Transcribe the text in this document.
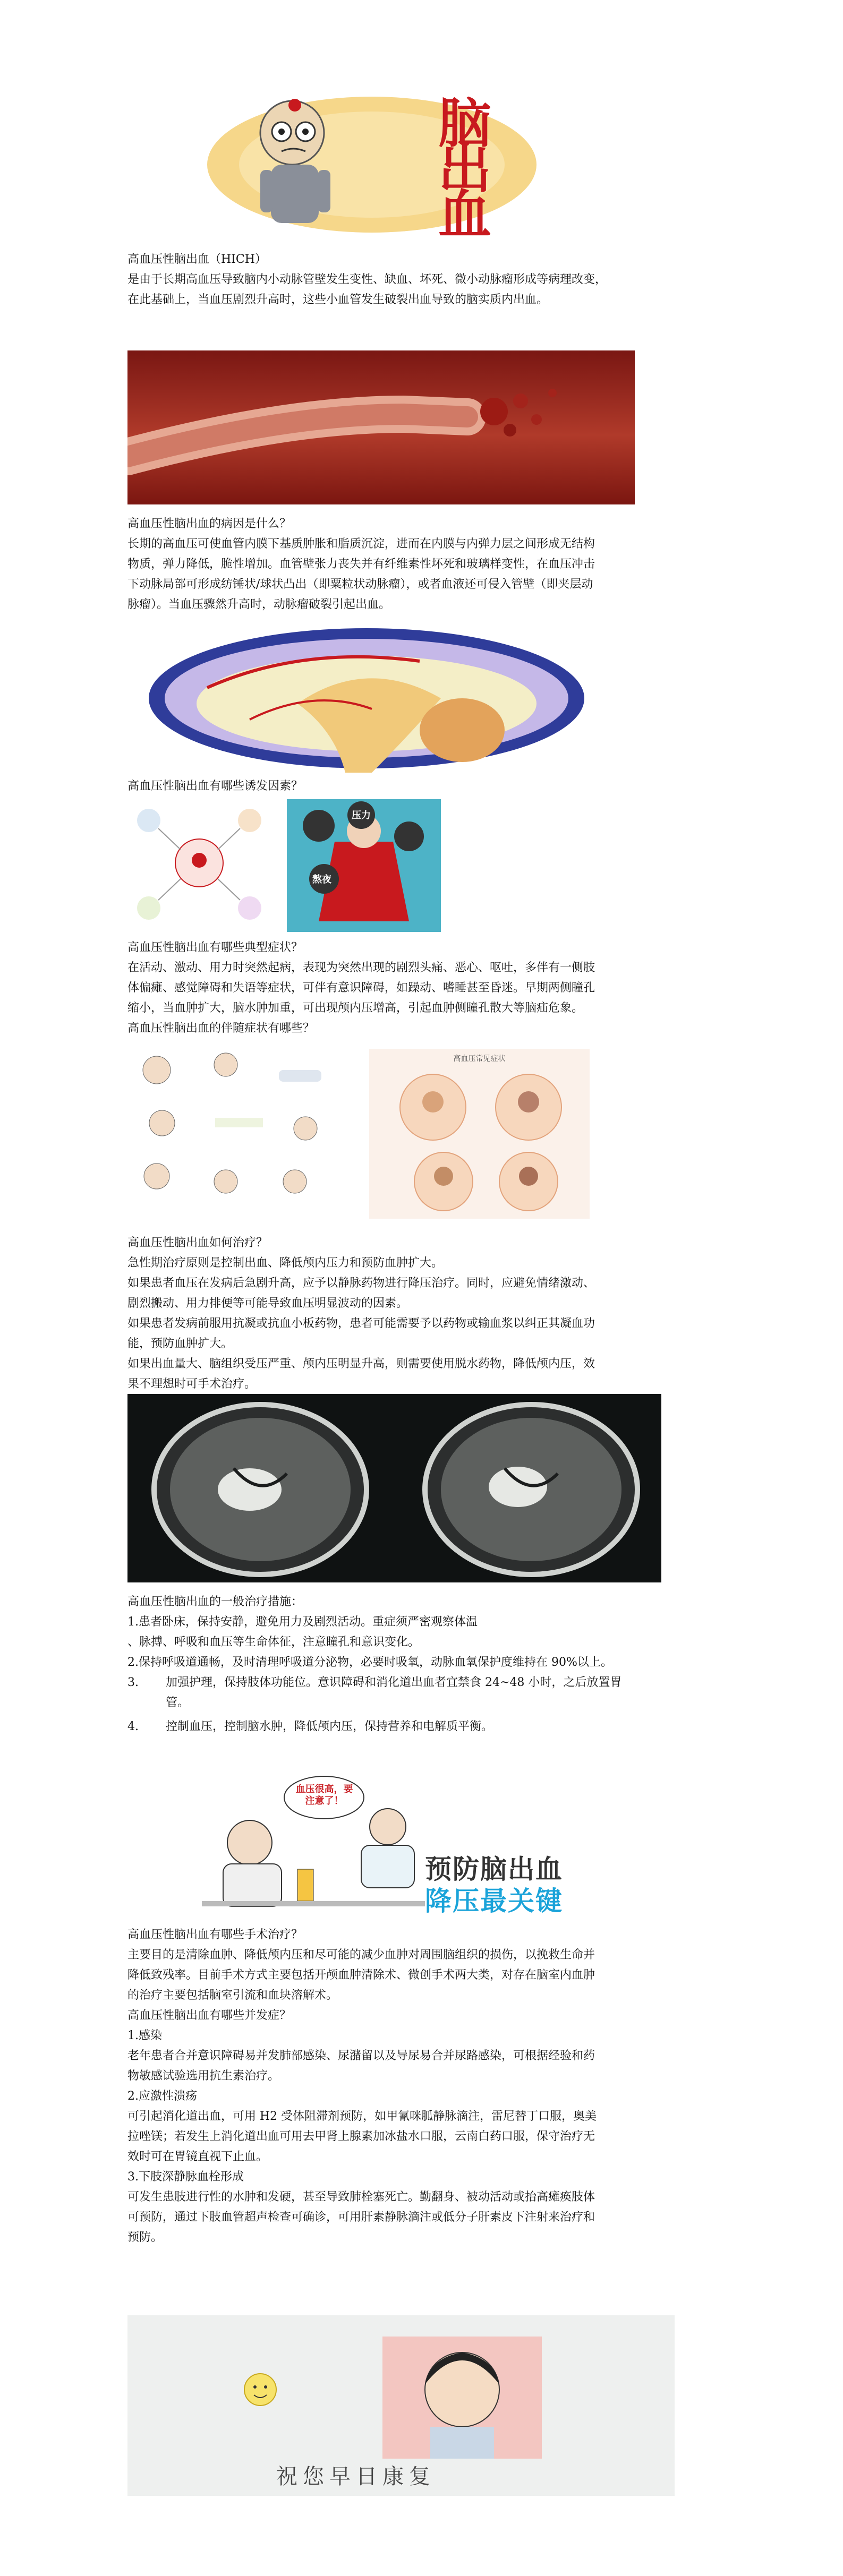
脑
出
血

高血压性脑出血（HICH）

是由于长期高血压导致脑内小动脉管壁发生变性、缺血、坏死、微小动脉瘤形成等病理改变，

在此基础上，当血压剧烈升高时，这些小血管发生破裂出血导致的脑实质内出血。

高血压性脑出血的病因是什么？

长期的高血压可使血管内膜下基质肿胀和脂质沉淀，进而在内膜与内弹力层之间形成无结构

物质，弹力降低，脆性增加。血管壁张力丧失并有纤维素性坏死和玻璃样变性，在血压冲击

下动脉局部可形成纺锤状/球状凸出（即粟粒状动脉瘤），或者血液还可侵入管壁（即夹层动

脉瘤）。当血压骤然升高时，动脉瘤破裂引起出血。

高血压性脑出血有哪些诱发因素？

压力
熬夜

高血压性脑出血有哪些典型症状？

在活动、激动、用力时突然起病，表现为突然出现的剧烈头痛、恶心、呕吐，多伴有一侧肢

体偏瘫、感觉障碍和失语等症状，可伴有意识障碍，如躁动、嗜睡甚至昏迷。早期两侧瞳孔

缩小，当血肿扩大，脑水肿加重，可出现颅内压增高，引起血肿侧瞳孔散大等脑疝危象。

高血压性脑出血的伴随症状有哪些？

高血压常见症状

高血压性脑出血如何治疗？

急性期治疗原则是控制出血、降低颅内压力和预防血肿扩大。

如果患者血压在发病后急剧升高，应予以静脉药物进行降压治疗。同时，应避免情绪激动、

剧烈搬动、用力排便等可能导致血压明显波动的因素。

如果患者发病前服用抗凝或抗血小板药物，患者可能需要予以药物或输血浆以纠正其凝血功

能，预防血肿扩大。

如果出血量大、脑组织受压严重、颅内压明显升高，则需要使用脱水药物，降低颅内压，效

果不理想时可手术治疗。

高血压性脑出血的一般治疗措施：

1.患者卧床，保持安静，避免用力及剧烈活动。重症须严密观察体温
、脉搏、呼吸和血压等生命体征，注意瞳孔和意识变化。
2.保持呼吸道通畅，及时清理呼吸道分泌物，必要时吸氧，动脉血氧保护度维持在 90%以上。
3. 加强护理，保持肢体功能位。意识障碍和消化道出血者宜禁食 24~48 小时，之后放置胃
管。
4. 控制血压，控制脑水肿，降低颅内压，保持营养和电解质平衡。
血压很高，要注意了！
预防脑出血
降压最关键

高血压性脑出血有哪些手术治疗？

主要目的是清除血肿、降低颅内压和尽可能的减少血肿对周围脑组织的损伤，以挽救生命并

降低致残率。目前手术方式主要包括开颅血肿清除术、微创手术两大类，对存在脑室内血肿

的治疗主要包括脑室引流和血块溶解术。

高血压性脑出血有哪些并发症？

1.感染

老年患者合并意识障碍易并发肺部感染、尿潴留以及导尿易合并尿路感染，可根据经验和药

物敏感试验选用抗生素治疗。

2.应激性溃疡

可引起消化道出血，可用 H2 受体阻滞剂预防，如甲氰咪胍静脉滴注，雷尼替丁口服，奥美

拉唑镁；若发生上消化道出血可用去甲肾上腺素加冰盐水口服，云南白药口服，保守治疗无

效时可在胃镜直视下止血。

3.下肢深静脉血栓形成

可发生患肢进行性的水肿和发硬，甚至导致肺栓塞死亡。勤翻身、被动活动或抬高瘫痪肢体

可预防，通过下肢血管超声检查可确诊，可用肝素静脉滴注或低分子肝素皮下注射来治疗和

预防。

祝您早日康复
